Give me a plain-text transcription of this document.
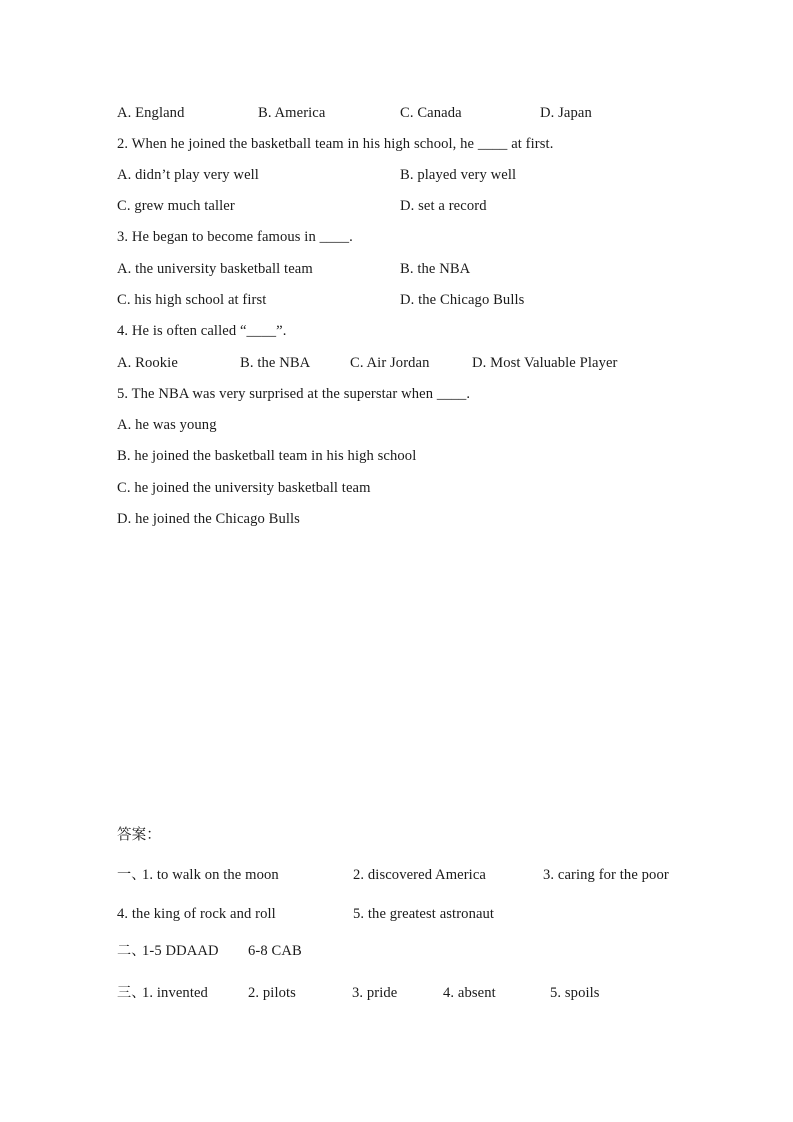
A. England	B. America	C. Canada	D. Japan
2. When he joined the basketball team in his high school, he ____ at first.
A. didn’t play very well	B. played very well
C. grew much taller	D. set a record
3. He began to become famous in ____.
A. the university basketball team	B. the NBA
C. his high school at first	D. the Chicago Bulls
4. He is often called “____”.
A. Rookie	B. the NBA	C. Air Jordan	D. Most Valuable Player
5. The NBA was very surprised at the superstar when ____.
A. he was young
B. he joined the basketball team in his high school
C. he joined the university basketball team
D. he joined the Chicago Bulls
答案：
一、
1. to walk on the moon	2. discovered America	3. caring for the poor
4. the king of rock and roll	5. the greatest astronaut
二、
1-5 DDAAD 6-8 CAB
三、
1. invented	2. pilots	3. pride	4. absent	5. spoils
